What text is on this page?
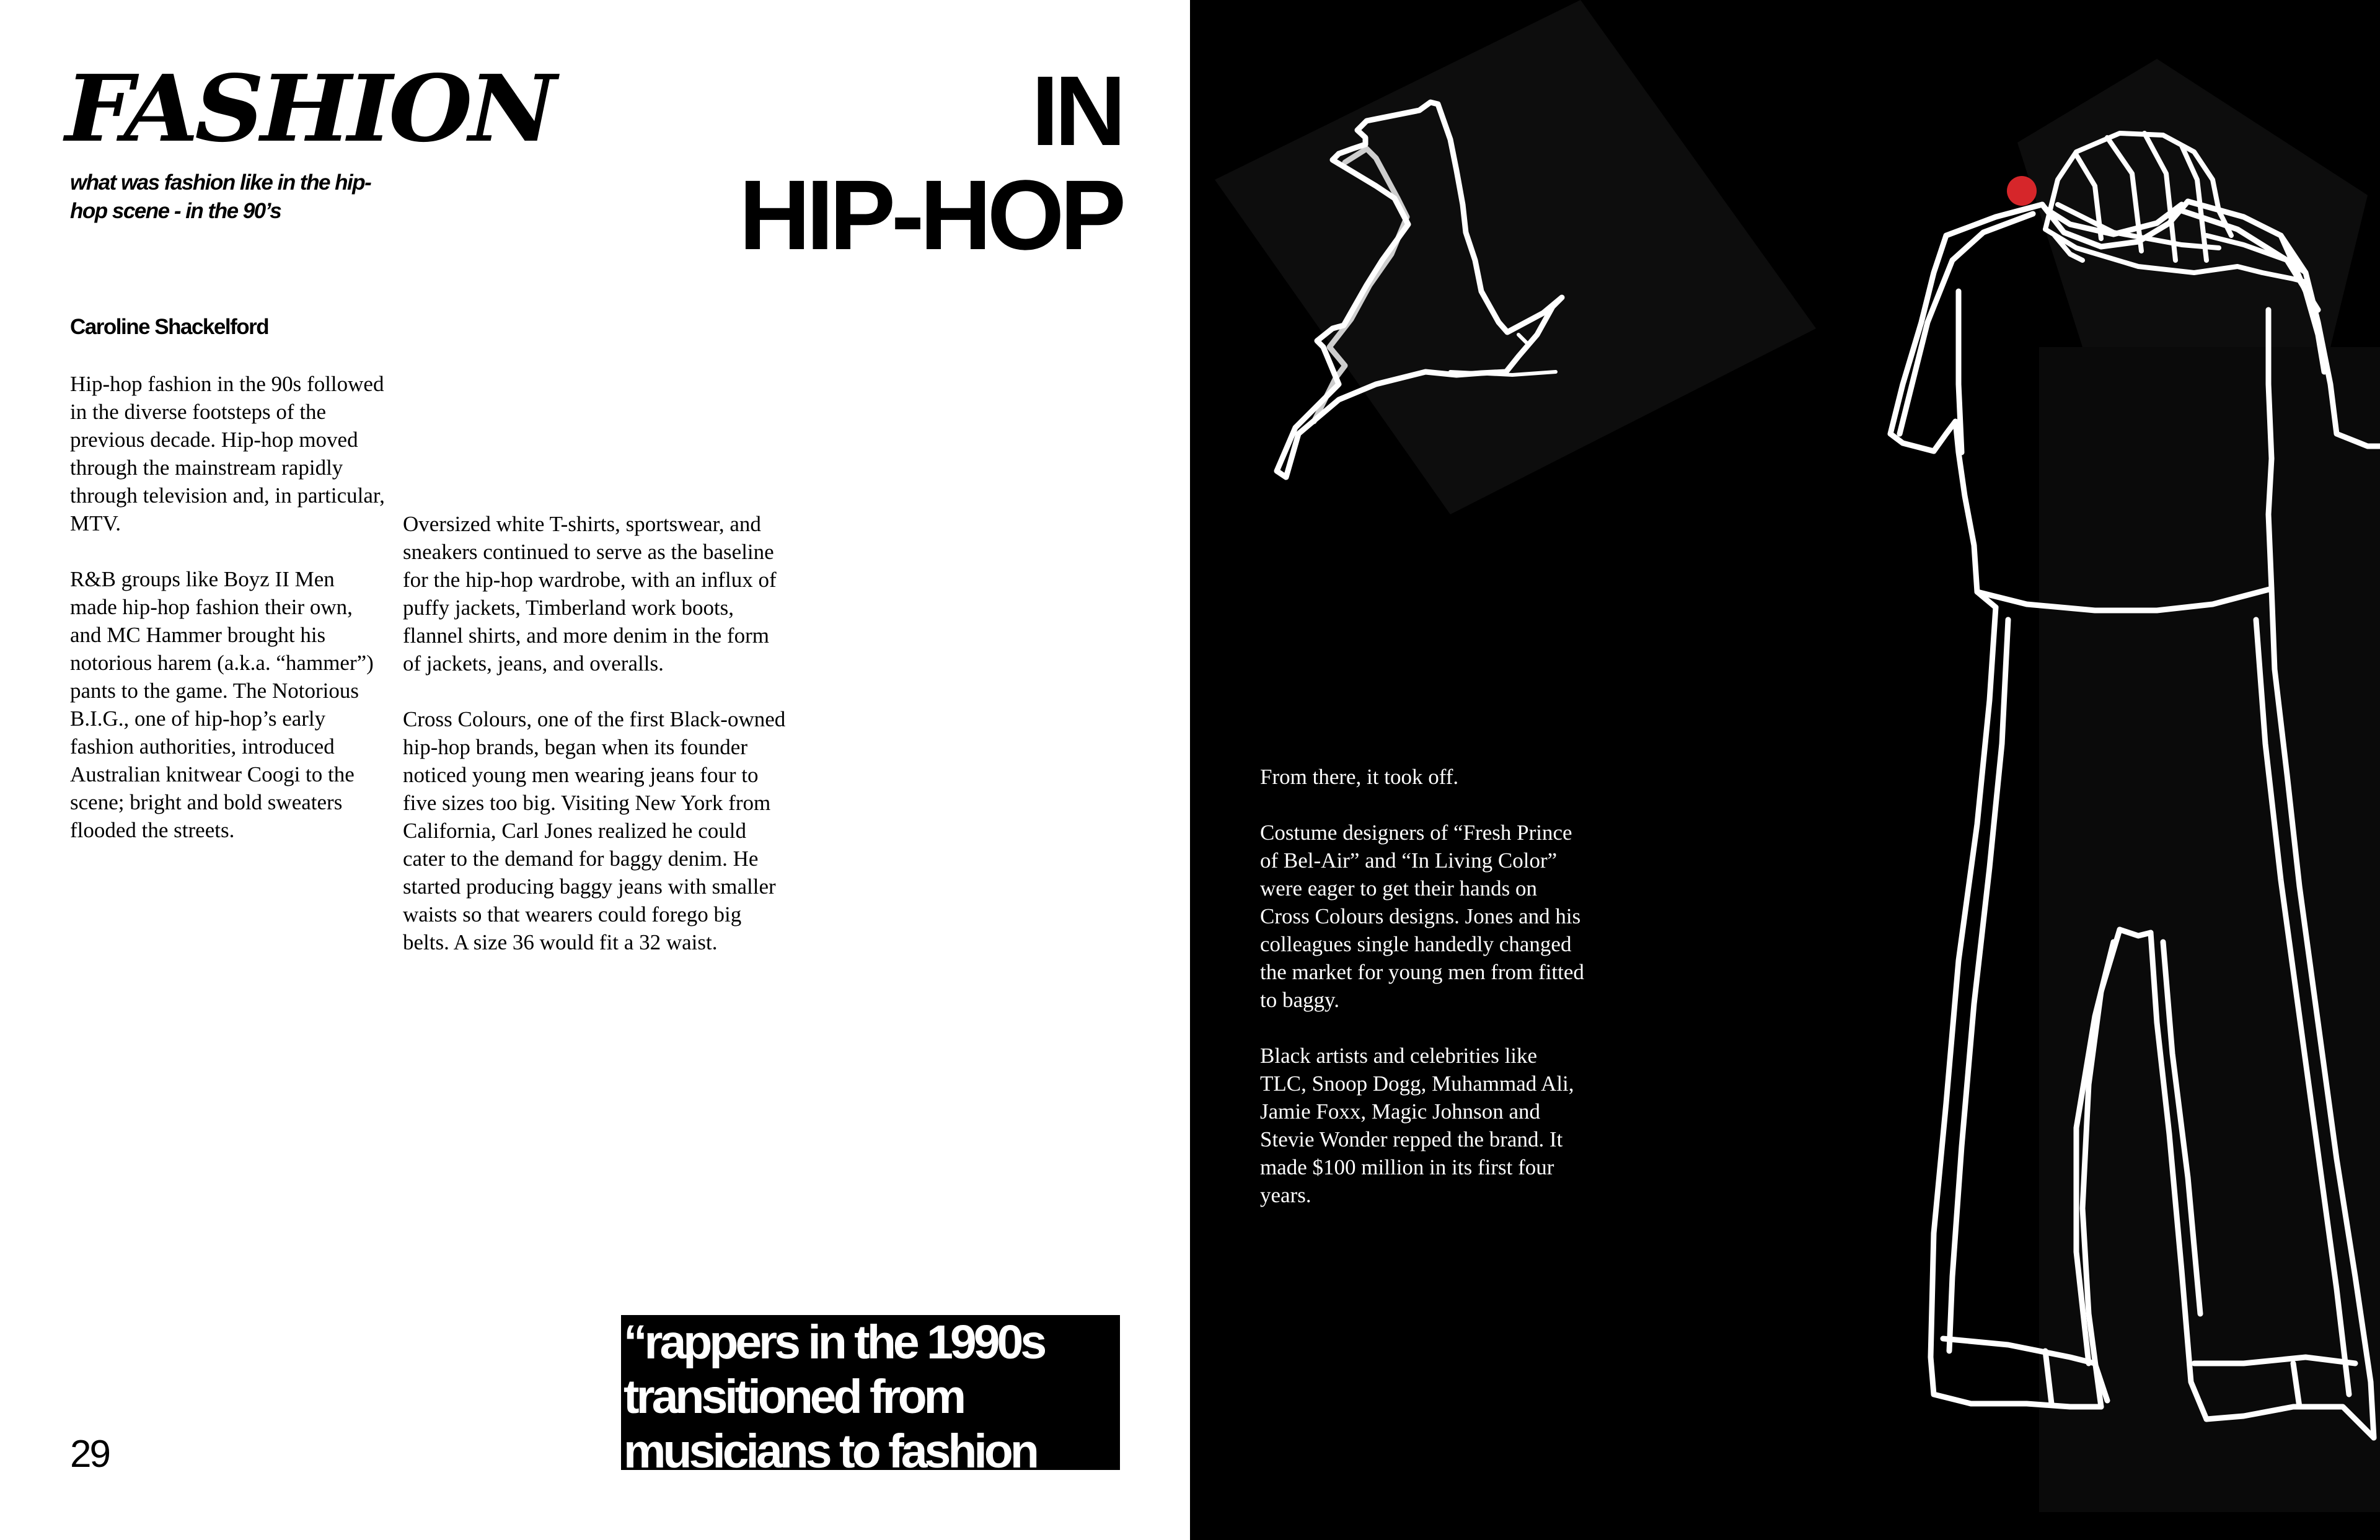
FASHION

what was fashion like in the hip-hop scene - in the 90’s

IN
HIP-HOP

Caroline Shackelford

Hip-hop fashion in the 90s followed in the diverse footsteps of the previous decade. Hip-hop moved through the mainstream rapidly through television and, in particular, MTV.

R&B groups like Boyz II Men made hip-hop fashion their own, and MC Hammer brought his notorious harem (a.k.a. “hammer”) pants to the game. The Notorious B.I.G., one of hip-hop’s early fashion authorities, introduced Australian knitwear Coogi to the scene; bright and bold sweaters flooded the streets.

Oversized white T-shirts, sportswear, and sneakers continued to serve as the baseline for the hip-hop wardrobe, with an influx of puffy jackets, Timberland work boots, flannel shirts, and more denim in the form of jackets, jeans, and overalls.

Cross Colours, one of the first Black-owned hip-hop brands, began when its founder noticed young men wearing jeans four to five sizes too big. Visiting New York from California, Carl Jones realized he could cater to the demand for baggy denim. He started producing baggy jeans with smaller waists so that wearers could forego big belts. A size 36 would fit a 32 waist.

“rappers in the 1990s transitioned from musicians to fashion trailblazers”

29

From there, it took off.

Costume designers of “Fresh Prince of Bel-Air” and “In Living Color” were eager to get their hands on Cross Colours designs. Jones and his colleagues single handedly changed the market for young men from fitted to baggy.

Black artists and celebrities like TLC, Snoop Dogg, Muhammad Ali, Jamie Foxx, Magic Johnson and Stevie Wonder repped the brand. It made $100 million in its first four years.
